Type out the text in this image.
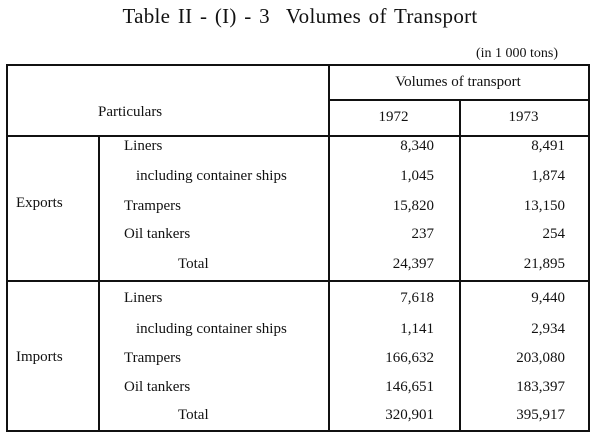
Table II - (I) - 3 Volumes of Transport
(in 1 000 tons)
Volumes of transport
Particulars	1972	1973
Exports
Liners	8,340	8,491
including container ships	1,045	1,874
Trampers	15,820	13,150
Oil tankers	237	254
Total	24,397	21,895
Imports
Liners	7,618	9,440
including container ships	1,141	2,934
Trampers	166,632	203,080
Oil tankers	146,651	183,397
Total	320,901	395,917
